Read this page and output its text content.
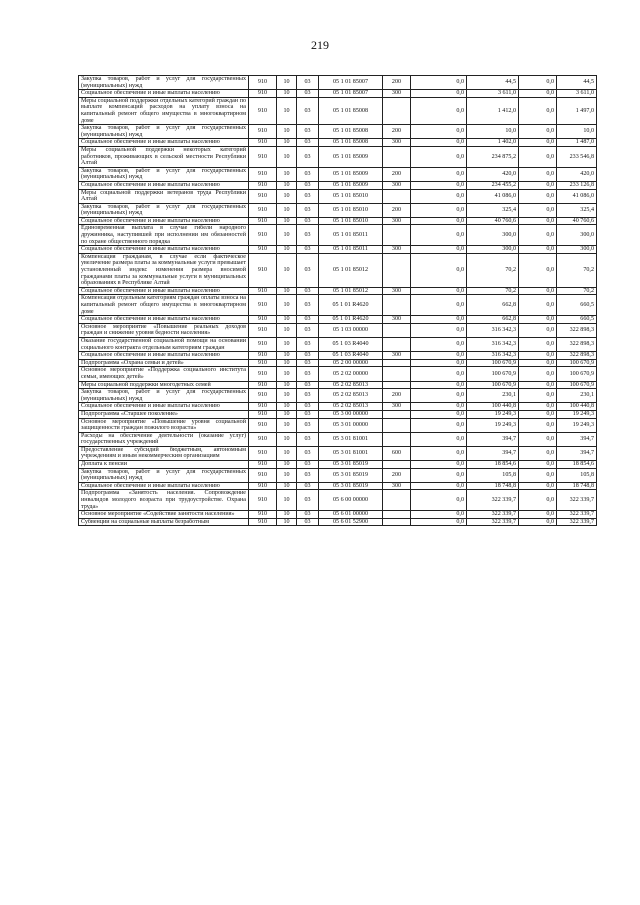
219
Закупка товаров, работ и услуг для государственных (муниципальных) нужд	910	10	03	05 1 01 85007	200	0,0	44,5	0,0	44,5
Социальное обеспечение и иные выплаты населению	910	10	03	05 1 01 85007	300	0,0	3 611,0	0,0	3 611,0
Меры социальной поддержки отдельных категорий граждан по выплате компенсаций расходов на уплату взноса на капитальный ремонт общего имущества в многоквартирном доме	910	10	03	05 1 01 85008		0,0	1 412,0	0,0	1 497,0
Закупка товаров, работ и услуг для государственных (муниципальных) нужд	910	10	03	05 1 01 85008	200	0,0	10,0	0,0	10,0
Социальное обеспечение и иные выплаты населению	910	10	03	05 1 01 85008	300	0,0	1 402,0	0,0	1 487,0
Меры социальной поддержки некоторых категорий работников, проживающих в сельской местности Республики Алтай	910	10	03	05 1 01 85009		0,0	234 875,2	0,0	233 546,8
Закупка товаров, работ и услуг для государственных (муниципальных) нужд	910	10	03	05 1 01 85009	200	0,0	420,0	0,0	420,0
Социальное обеспечение и иные выплаты населению	910	10	03	05 1 01 85009	300	0,0	234 455,2	0,0	233 126,8
Меры социальной поддержки ветеранов труда Республики Алтай	910	10	03	05 1 01 85010		0,0	41 086,0	0,0	41 086,0
Закупка товаров, работ и услуг для государственных (муниципальных) нужд	910	10	03	05 1 01 85010	200	0,0	325,4	0,0	325,4
Социальное обеспечение и иные выплаты населению	910	10	03	05 1 01 85010	300	0,0	40 760,6	0,0	40 760,6
Единовременная выплата в случае гибели народного дружинника, наступившей при исполнении им обязанностей по охране общественного порядка	910	10	03	05 1 01 85011		0,0	300,0	0,0	300,0
Социальное обеспечение и иные выплаты населению	910	10	03	05 1 01 85011	300	0,0	300,0	0,0	300,0
Компенсация гражданам, в случае если фактическое увеличение размера платы за коммунальные услуги превышает установленный индекс изменения размера вносимой гражданами платы за коммунальные услуги в муниципальных образованиях в Республике Алтай	910	10	03	05 1 01 85012		0,0	70,2	0,0	70,2
Социальное обеспечение и иные выплаты населению	910	10	03	05 1 01 85012	300	0,0	70,2	0,0	70,2
Компенсация отдельным категориям граждан оплаты взноса на капитальный ремонт общего имущества в многоквартирном доме	910	10	03	05 1 01 R4620		0,0	662,8	0,0	660,5
Социальное обеспечение и иные выплаты населению	910	10	03	05 1 01 R4620	300	0,0	662,8	0,0	660,5
Основное мероприятие «Повышение реальных доходов граждан и снижение уровня бедности населения»	910	10	03	05 1 03 00000		0,0	316 342,3	0,0	322 898,3
Оказание государственной социальной помощи на основании социального контракта отдельным категориям граждан	910	10	03	05 1 03 R4040		0,0	316 342,3	0,0	322 898,3
Социальное обеспечение и иные выплаты населению	910	10	03	05 1 03 R4040	300	0,0	316 342,3	0,0	322 898,3
Подпрограмма «Охрана семьи и детей»	910	10	03	05 2 00 00000		0,0	100 670,9	0,0	100 670,9
Основное мероприятие «Поддержка социального института семьи, имеющих детей»	910	10	03	05 2 02 00000		0,0	100 670,9	0,0	100 670,9
Меры социальной поддержки многодетных семей	910	10	03	05 2 02 85013		0,0	100 670,9	0,0	100 670,9
Закупка товаров, работ и услуг для государственных (муниципальных) нужд	910	10	03	05 2 02 85013	200	0,0	230,1	0,0	230,1
Социальное обеспечение и иные выплаты населению	910	10	03	05 2 02 85013	300	0,0	100 440,8	0,0	100 440,8
Подпрограмма «Старшее поколение»	910	10	03	05 3 00 00000		0,0	19 249,3	0,0	19 249,3
Основное мероприятие «Повышение уровня социальной защищенности граждан пожилого возраста»	910	10	03	05 3 01 00000		0,0	19 249,3	0,0	19 249,3
Расходы на обеспечение деятельности (оказание услуг) государственных учреждений	910	10	03	05 3 01 81001		0,0	394,7	0,0	394,7
Предоставление субсидий бюджетным, автономным учреждениям и иным некоммерческим организациям	910	10	03	05 3 01 81001	600	0,0	394,7	0,0	394,7
Доплата к пенсии	910	10	03	05 3 01 85019		0,0	18 854,6	0,0	18 854,6
Закупка товаров, работ и услуг для государственных (муниципальных) нужд	910	10	03	05 3 01 85019	200	0,0	105,8	0,0	105,8
Социальное обеспечение и иные выплаты населению	910	10	03	05 3 01 85019	300	0,0	18 748,8	0,0	18 748,8
Подпрограмма «Занятость населения. Сопровождение инвалидов молодого возраста при трудоустройстве. Охрана труда»	910	10	03	05 6 00 00000		0,0	322 339,7	0,0	322 339,7
Основное мероприятие «Содействие занятости населения»	910	10	03	05 6 01 00000		0,0	322 339,7	0,0	322 339,7
Субвенции на социальные выплаты безработным	910	10	03	05 6 01 52900		0,0	322 339,7	0,0	322 339,7
